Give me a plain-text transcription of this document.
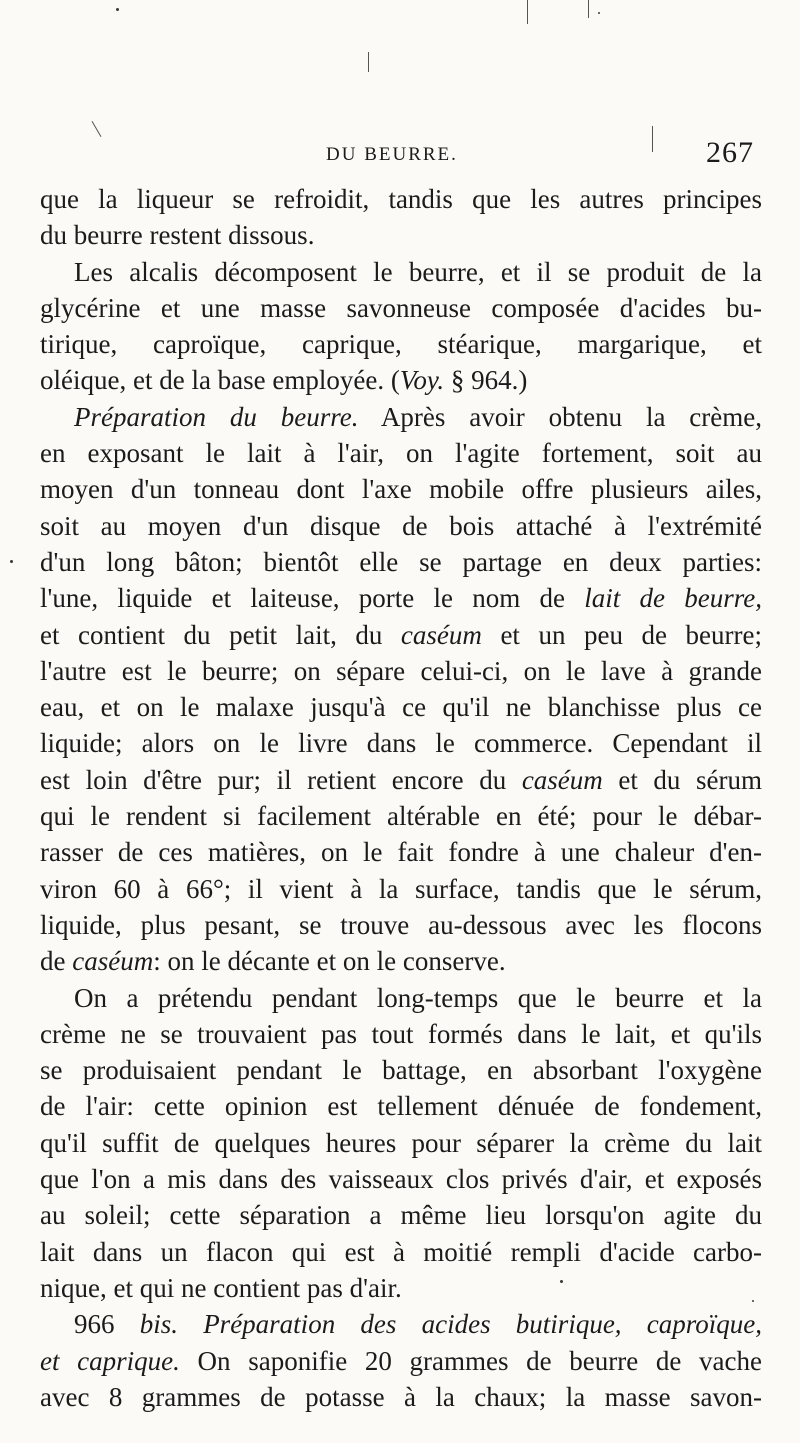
DU BEURRE.	267
que la liqueur se refroidit, tandis que les autres principes
du beurre restent dissous.
Les alcalis décomposent le beurre, et il se produit de la
glycérine et une masse savonneuse composée d'acides bu-
tirique, caproïque, caprique, stéarique, margarique, et
oléique, et de la base employée. (Voy. § 964.)
Préparation du beurre. Après avoir obtenu la crème,
en exposant le lait à l'air, on l'agite fortement, soit au
moyen d'un tonneau dont l'axe mobile offre plusieurs ailes,
soit au moyen d'un disque de bois attaché à l'extrémité
d'un long bâton; bientôt elle se partage en deux parties:
l'une, liquide et laiteuse, porte le nom de lait de beurre,
et contient du petit lait, du caséum et un peu de beurre;
l'autre est le beurre; on sépare celui-ci, on le lave à grande
eau, et on le malaxe jusqu'à ce qu'il ne blanchisse plus ce
liquide; alors on le livre dans le commerce. Cependant il
est loin d'être pur; il retient encore du caséum et du sérum
qui le rendent si facilement altérable en été; pour le débar-
rasser de ces matières, on le fait fondre à une chaleur d'en-
viron 60 à 66°; il vient à la surface, tandis que le sérum,
liquide, plus pesant, se trouve au-dessous avec les flocons
de caséum: on le décante et on le conserve.
On a prétendu pendant long-temps que le beurre et la
crème ne se trouvaient pas tout formés dans le lait, et qu'ils
se produisaient pendant le battage, en absorbant l'oxygène
de l'air: cette opinion est tellement dénuée de fondement,
qu'il suffit de quelques heures pour séparer la crème du lait
que l'on a mis dans des vaisseaux clos privés d'air, et exposés
au soleil; cette séparation a même lieu lorsqu'on agite du
lait dans un flacon qui est à moitié rempli d'acide carbo-
nique, et qui ne contient pas d'air.
966 bis. Préparation des acides butirique, caproïque,
et caprique. On saponifie 20 grammes de beurre de vache
avec 8 grammes de potasse à la chaux; la masse savon-
